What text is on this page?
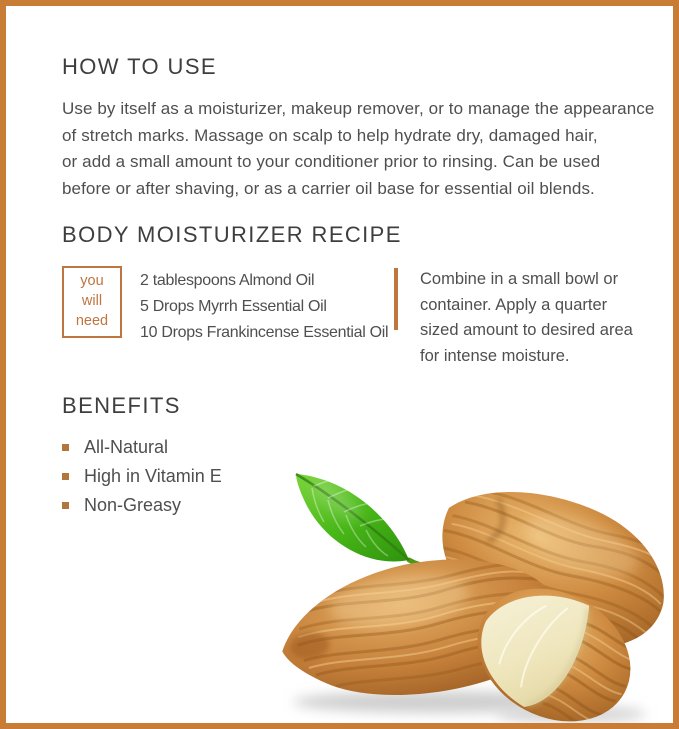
HOW TO USE
Use by itself as a moisturizer, makeup remover, or to manage the appearance
of stretch marks. Massage on scalp to help hydrate dry, damaged hair,
or add a small amount to your conditioner prior to rinsing. Can be used
before or after shaving, or as a carrier oil base for essential oil blends.
BODY MOISTURIZER RECIPE
you
will
need
2 tablespoons Almond Oil
5 Drops Myrrh Essential Oil
10 Drops Frankincense Essential Oil
Combine in a small bowl or
container. Apply a quarter
sized amount to desired area
for intense moisture.
BENEFITS
All-Natural
High in Vitamin E
Non-Greasy
